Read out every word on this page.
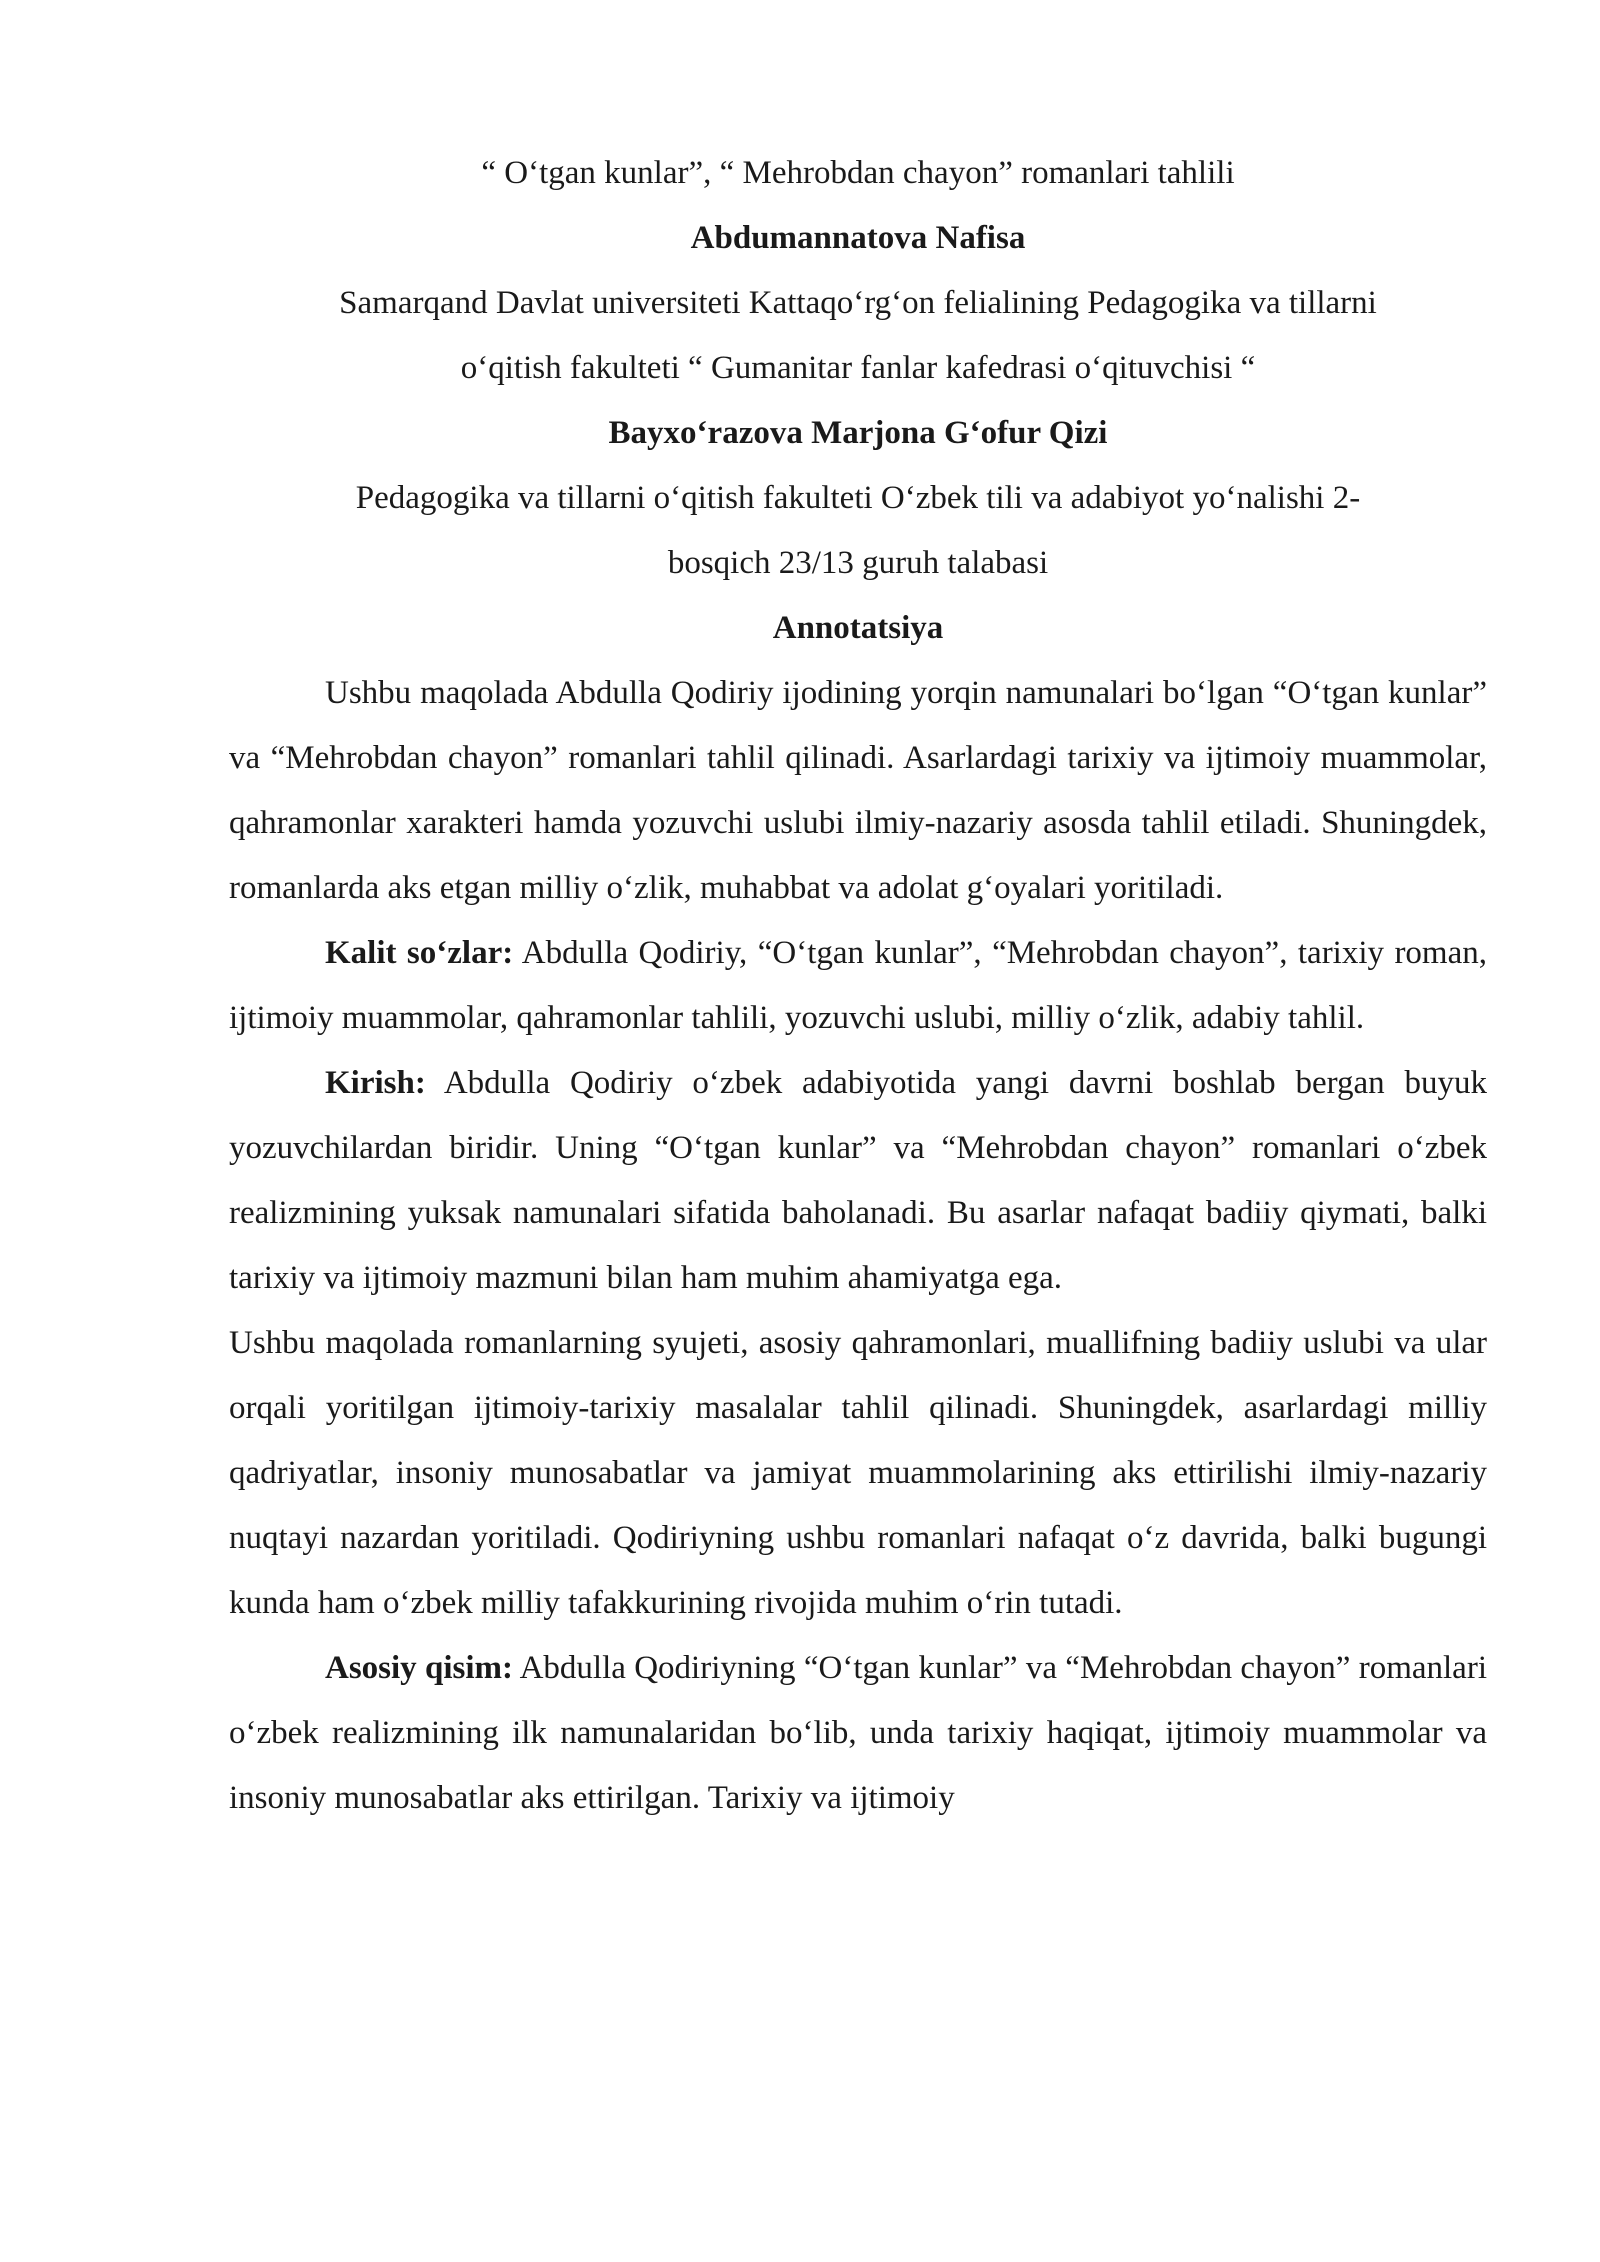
“ O‘tgan kunlar”, “ Mehrobdan chayon” romanlari tahlili

Abdumannatova Nafisa

Samarqand Davlat universiteti Kattaqo‘rg‘on felialining Pedagogika va tillarni

o‘qitish fakulteti “ Gumanitar fanlar kafedrasi o‘qituvchisi “

Bayxo‘razova Marjona G‘ofur Qizi

Pedagogika va tillarni o‘qitish fakulteti O‘zbek tili va adabiyot yo‘nalishi 2-

bosqich 23/13 guruh talabasi

Annotatsiya

Ushbu maqolada Abdulla Qodiriy ijodining yorqin namunalari bo‘lgan “O‘tgan kunlar” va “Mehrobdan chayon” romanlari tahlil qilinadi. Asarlardagi tarixiy va ijtimoiy muammolar, qahramonlar xarakteri hamda yozuvchi uslubi ilmiy-nazariy asosda tahlil etiladi. Shuningdek, romanlarda aks etgan milliy o‘zlik, muhabbat va adolat g‘oyalari yoritiladi.

Kalit so‘zlar: Abdulla Qodiriy, “O‘tgan kunlar”, “Mehrobdan chayon”, tarixiy roman, ijtimoiy muammolar, qahramonlar tahlili, yozuvchi uslubi, milliy o‘zlik, adabiy tahlil.

Kirish: Abdulla Qodiriy o‘zbek adabiyotida yangi davrni boshlab bergan buyuk yozuvchilardan biridir. Uning “O‘tgan kunlar” va “Mehrobdan chayon” romanlari o‘zbek realizmining yuksak namunalari sifatida baholanadi. Bu asarlar nafaqat badiiy qiymati, balki tarixiy va ijtimoiy mazmuni bilan ham muhim ahamiyatga ega.

Ushbu maqolada romanlarning syujeti, asosiy qahramonlari, muallifning badiiy uslubi va ular orqali yoritilgan ijtimoiy-tarixiy masalalar tahlil qilinadi. Shuningdek, asarlardagi milliy qadriyatlar, insoniy munosabatlar va jamiyat muammolarining aks ettirilishi ilmiy-nazariy nuqtayi nazardan yoritiladi. Qodiriyning ushbu romanlari nafaqat o‘z davrida, balki bugungi kunda ham o‘zbek milliy tafakkurining rivojida muhim o‘rin tutadi.

Asosiy qisim: Abdulla Qodiriyning “O‘tgan kunlar” va “Mehrobdan chayon” romanlari o‘zbek realizmining ilk namunalaridan bo‘lib, unda tarixiy haqiqat, ijtimoiy muammolar va insoniy munosabatlar aks ettirilgan. Tarixiy va ijtimoiy
